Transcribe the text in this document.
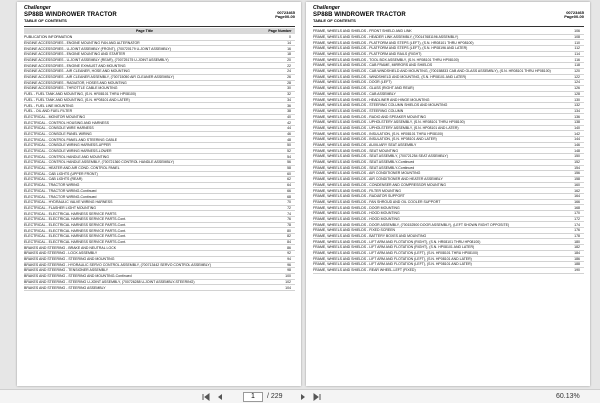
Challenger
SP88B WINDROWER TRACTOR
TABLE OF CONTENTS
00723465
Page00-00
Page Title	Page Number
PUBLICATION INFORMATION	0
ENGINE ACCESSORIES - ENGINE MOUNTING FAN AND ALTERNATOR	14
ENGINE ACCESSORIES - U-JOINT ASSEMBLY (FRONT), (700720179 U-JOINT ASSEMBLY)	16
ENGINE ACCESSORIES - ENGINE MOUNTING AND STARTER	18
ENGINE ACCESSORIES - U-JOINT ASSEMBLY (REAR), (700725175 U-JOINT ASSEMBLY)	20
ENGINE ACCESSORIES - ENGINE EXHAUST AND MOUNTING	22
ENGINE ACCESSORIES - AIR CLEANER, HOSE AND MOUNTING	24
ENGINE ACCESSORIES - AIR CLEANER ASSEMBLY, (700715050 AIR CLEANER ASSEMBLY)	26
ENGINE ACCESSORIES - RADIATOR, HOSES AND MOUNTING	28
ENGINE ACCESSORIES - THROTTLE CABLE MOUNTING	30
FUEL - FUEL TANK AND MOUNTING, (S.N. HR08101 THRU HP08100)	32
FUEL - FUEL TANK AND MOUNTING, (S.N. HP08101 AND LATER)	34
FUEL - FUEL LINE MOUNTING	36
FUEL - OIL AND FUEL FILTER	38
ELECTRICAL - MONITOR MOUNTING	40
ELECTRICAL - CONTROL HOUSING AND HARNESS	42
ELECTRICAL - CONSOLE WIRE HARNESS	44
ELECTRICAL - CONSOLE PANEL WIRING	46
ELECTRICAL - CONTROL PANEL AND STEERING CABLE	48
ELECTRICAL - CONSOLE WIRING HARNESS-UPPER	50
ELECTRICAL - CONSOLE WIRING HARNESS-LOWER	52
ELECTRICAL - CONTROL HANDLE AND MOUNTING	54
ELECTRICAL - CONTROL HANDLE ASSEMBLY, (700721360 CONTROL HANDLE ASSEMBLY)	56
ELECTRICAL - HEATER AND AIR COND. CONTROL PANEL	58
ELECTRICAL - CAB LIGHTS (UPPER FRONT)	60
ELECTRICAL - CAB LIGHTS (REAR)	62
ELECTRICAL - TRACTOR WIRING	64
ELECTRICAL - TRACTOR WIRING-Continued	66
ELECTRICAL - TRACTOR WIRING-Continued	68
ELECTRICAL - HYDRAULIC VALVE WIRING HARNESS	70
ELECTRICAL - FLASHER LIGHT MOUNTING	72
ELECTRICAL - ELECTRICAL HARNESS SERVICE PARTS	74
ELECTRICAL - ELECTRICAL HARNESS SERVICE PARTS-Cont.	76
ELECTRICAL - ELECTRICAL HARNESS SERVICE PARTS-Cont.	78
ELECTRICAL - ELECTRICAL HARNESS SERVICE PARTS-Cont.	80
ELECTRICAL - ELECTRICAL HARNESS SERVICE PARTS-Cont.	82
ELECTRICAL - ELECTRICAL HARNESS SERVICE PARTS-Cont.	84
BRAKES AND STEERING - BRAKE AND NEUTRAL LOCK	86
BRAKES AND STEERING - LOCK ASSEMBLY	92
BRAKES AND STEERING - STEERING AND MOUNTING	94
BRAKES AND STEERING - HYDRAULIC SERVO CONTROL ASSEMBLY, (700713442 SERVO CONTROL ASSEMBLY)	96
BRAKES AND STEERING - TENSIONER ASSEMBLY	98
BRAKES AND STEERING - STEERING AND MOUNTING-Continued	100
BRAKES AND STEERING - STEERING U-JOINT ASSEMBLY, (700726288 U-JOINT ASSEMBLY-STEERING)	102
BRAKES AND STEERING - STEERING ASSEMBLY	104
Challenger
SP88B WINDROWER TRACTOR
TABLE OF CONTENTS
00723465
Page00-00
FRAME, WHEELS AND SHIELDS - FRONT SHIELD AND LINK	106
FRAME, WHEELS AND SHIELDS - HEADER LINK ASSEMBLY, (700147681196 ASSEMBLY)	108
FRAME, WHEELS AND SHIELDS - PLATFORM AND STEPS (LEFT), (S.N. HR08101 THRU HP08100)	110
FRAME, WHEELS AND SHIELDS - PLATFORM AND STEPS (LEFT), (S.N. HP08196 AND LATER)	112
FRAME, WHEELS AND SHIELDS - PLATFORM AND RAILS (RIGHT)	114
FRAME, WHEELS AND SHIELDS - TOOL BOX ASSEMBLY, (S.N. HR08101 THRU HP08100)	116
FRAME, WHEELS AND SHIELDS - CAB FRAME, MIRRORS AND SHIELDS	118
FRAME, WHEELS AND SHIELDS - CAB WINDSHIELD AND MOUNTING, (700158833 CAB AND GLASS ASSEMBLY), (S.N. HR08101 THRU HP08100)	120
FRAME, WHEELS AND SHIELDS - WINDSHIELD AND MOUNTING, (S.N. HP08101 AND LATER)	122
FRAME, WHEELS AND SHIELDS - DOOR (LEFT)	124
FRAME, WHEELS AND SHIELDS - GLASS (RIGHT AND REAR)	126
FRAME, WHEELS AND SHIELDS - CAB ASSEMBLY	128
FRAME, WHEELS AND SHIELDS - HEADLINER AND HINGE MOUNTING	130
FRAME, WHEELS AND SHIELDS - STEERING COLUMN SHIELDS AND MOUNTING	132
FRAME, WHEELS AND SHIELDS - STEERING COLUMN	134
FRAME, WHEELS AND SHIELDS - RADIO AND SPEAKER MOUNTING	136
FRAME, WHEELS AND SHIELDS - UPHOLSTERY ASSEMBLY, (S.N. HR08101 THRU HP08100)	138
FRAME, WHEELS AND SHIELDS - UPHOLSTERY ASSEMBLY, (S.N. HP08101 AND LATER)	140
FRAME, WHEELS AND SHIELDS - INSULATION, (S.N. HR08101 THRU HP08100)	142
FRAME, WHEELS AND SHIELDS - INSULATION, (S.N. HP08101 AND LATER)	144
FRAME, WHEELS AND SHIELDS - AUXILIARY SEAT ASSEMBLY	146
FRAME, WHEELS AND SHIELDS - SEAT MOUNTING	148
FRAME, WHEELS AND SHIELDS - SEAT ASSEMBLY, (700721254 SEAT ASSEMBLY)	150
FRAME, WHEELS AND SHIELDS - SEAT ASSEMBLY-Continued	152
FRAME, WHEELS AND SHIELDS - SEAT ASSEMBLY-Continued	154
FRAME, WHEELS AND SHIELDS - AIR CONDITIONER MOUNTING	156
FRAME, WHEELS AND SHIELDS - AIR CONDITIONER AND HEATER ASSEMBLY	158
FRAME, WHEELS AND SHIELDS - CONDENSER AND COMPRESSOR MOUNTING	160
FRAME, WHEELS AND SHIELDS - FILTER MOUNTING	162
FRAME, WHEELS AND SHIELDS - RADIATOR SUPPORT	164
FRAME, WHEELS AND SHIELDS - FAN SHROUD AND OIL COOLER SUPPORT	166
FRAME, WHEELS AND SHIELDS - DOOR MOUNTING	168
FRAME, WHEELS AND SHIELDS - HOOD MOUNTING	170
FRAME, WHEELS AND SHIELDS - HOOD MOUNTING	172
FRAME, WHEELS AND SHIELDS - DOOR ASSEMBLY, (700152500 DOOR ASSEMBLY), (LEFT SHOWN RIGHT OPPOSITE)	174
FRAME, WHEELS AND SHIELDS - FIXED SCREEN	176
FRAME, WHEELS AND SHIELDS - BATTERY BOXES AND MOUNTING	178
FRAME, WHEELS AND SHIELDS - LIFT ARM AND FLOTATION (RIGHT), (S.N. HR08101 THRU HP08100)	180
FRAME, WHEELS AND SHIELDS - LIFT ARM AND FLOTATION (RIGHT), (S.N. HP08101 AND LATER)	182
FRAME, WHEELS AND SHIELDS - LIFT ARM AND FLOTATION (LEFT), (S.N. HR08101 THRU HP08100)	184
FRAME, WHEELS AND SHIELDS - LIFT ARM AND FLOTATION (LEFT), (S.N. HP08101 AND LATER)	186
FRAME, WHEELS AND SHIELDS - LIFT ARM AND FLOTATION (LEFT), (S.N. HP08101 AND LATER)	188
FRAME, WHEELS AND SHIELDS - REAR WHEEL-LEFT (FIXED)	190
1	/ 229	60.13%
